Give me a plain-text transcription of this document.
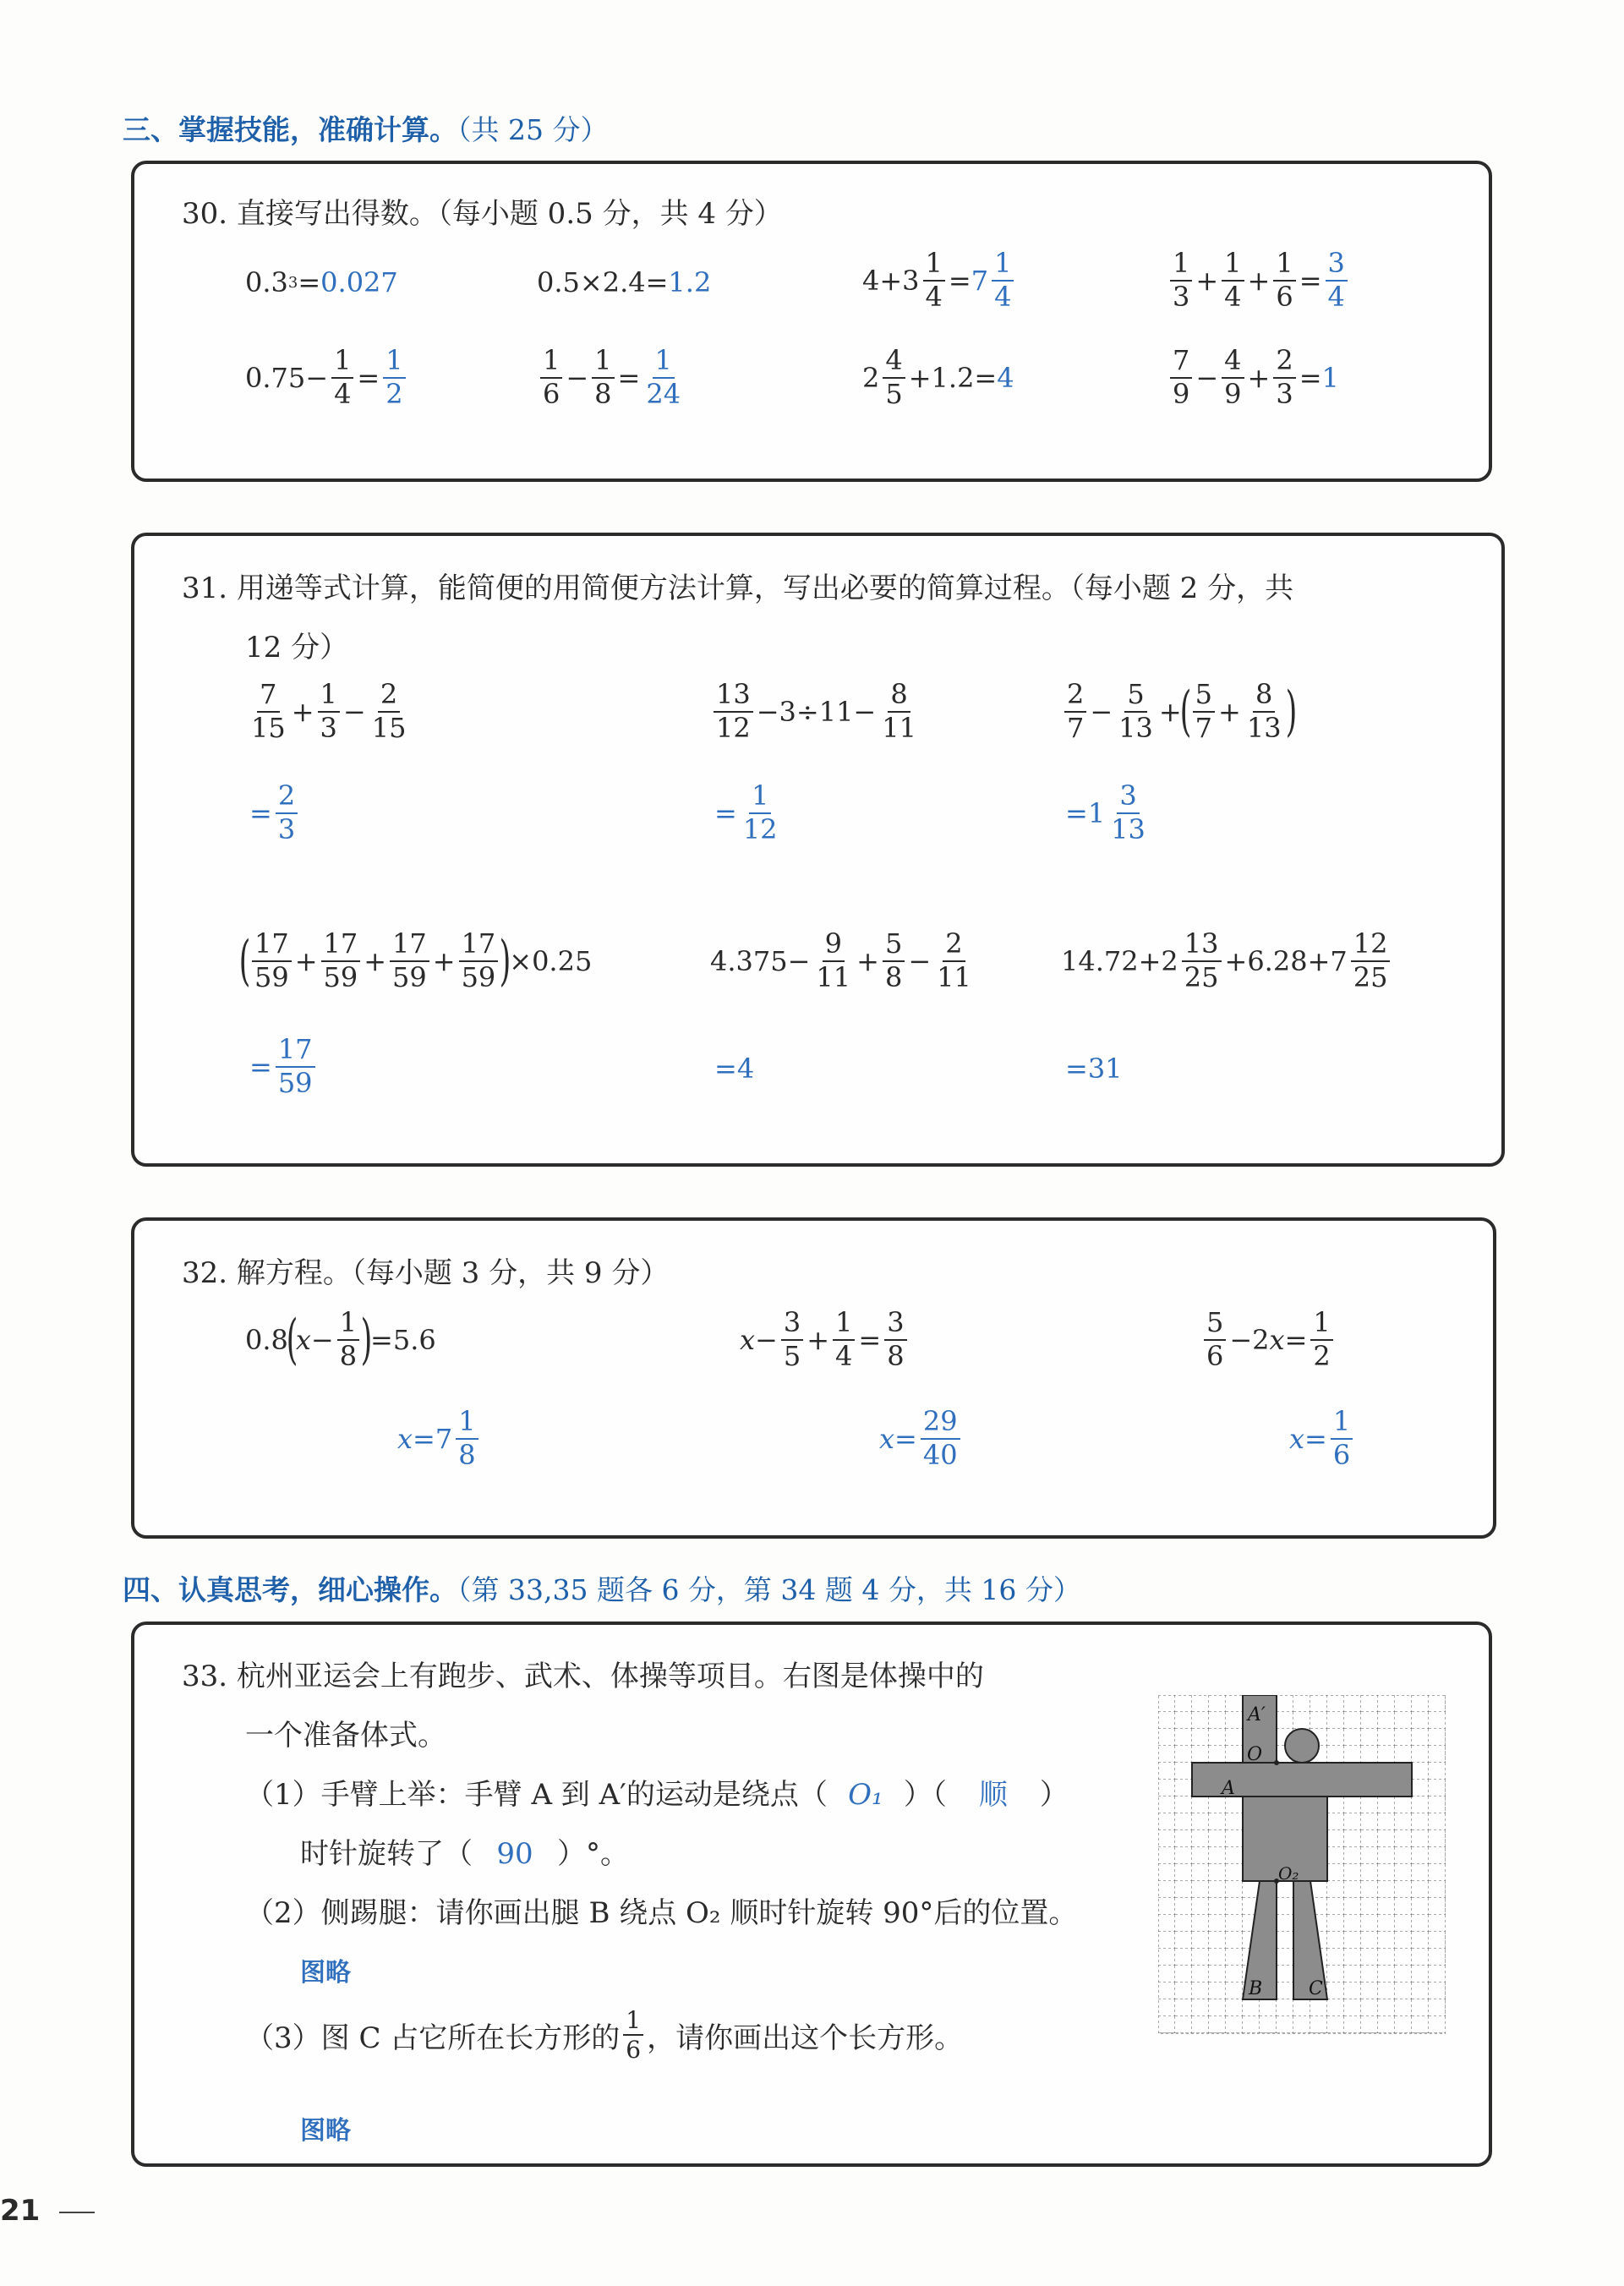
三、掌握技能，准确计算。（共 25 分）
30. 直接写出得数。（每小题 0.5 分，共 4 分）
0.3 3 = 0.027	0.5×2.4= 1.2	$4+3 \frac{1}{4} = 7 \frac{1}{4}$	$\frac{1}{3} + \frac{1}{4} + \frac{1}{6} = \frac{3}{4}$
$0.75- \frac{1}{4} = \frac{1}{2}$	$\frac{1}{6} - \frac{1}{8} = \frac{1}{24}$	$2 \frac{4}{5} +1.2= 4$	$\frac{7}{9} - \frac{4}{9} + \frac{2}{3} = 1$
31. 用递等式计算，能简便的用简便方法计算，写出必要的简算过程。（每小题 2 分，共
12 分）
$\frac{7}{15} + \frac{1}{3} - \frac{2}{15}$
= $\frac{2}{3}$
$\frac{13}{12} -3\div 11- \frac{8}{11}$
= $\frac{1}{12}$
$\frac{2}{7} - \frac{5}{13}$ +
( $\frac{5}{7} + \frac{8}{13}$ )
= $1 \frac{3}{13}$
( $\frac{17}{59} + \frac{17}{59} + \frac{17}{59} + \frac{17}{59}$ )
×0.25
= $\frac{17}{59}$
$4.375- \frac{9}{11} + \frac{5}{8} - \frac{2}{11}$
=4
$14.72+2 \frac{13}{25} +6.28+7 \frac{12}{25}$
=31
32. 解方程。（每小题 3 分，共 9 分）
0.8
(
$x - \frac{1}{8}$ )
=5.6
$x =7 \frac{1}{8}$
$x - \frac{3}{5} + \frac{1}{4} = \frac{3}{8}$
$x = \frac{29}{40}$
$\frac{5}{6} -2$ $x = \frac{1}{2}$
$x = \frac{1}{6}$
四、认真思考，细心操作。（第 33,35 题各 6 分，第 34 题 4 分，共 16 分）
33. 杭州亚运会上有跑步、武术、体操等项目。右图是体操中的
一个准备体式。
（1）手臂上举：手臂 A 到 A′的运动是绕点（ O₁ ）（ 顺 ）
时针旋转了（ 90 ）°。
（2）侧踢腿：请你画出腿 B 绕点 O₂ 顺时针旋转 90°后的位置。
图略
（3）图 C 占它所在长方形的 $\frac{1}{6}$ ，请你画出这个长方形。
图略
A′
O
A
O₂
B C
21
